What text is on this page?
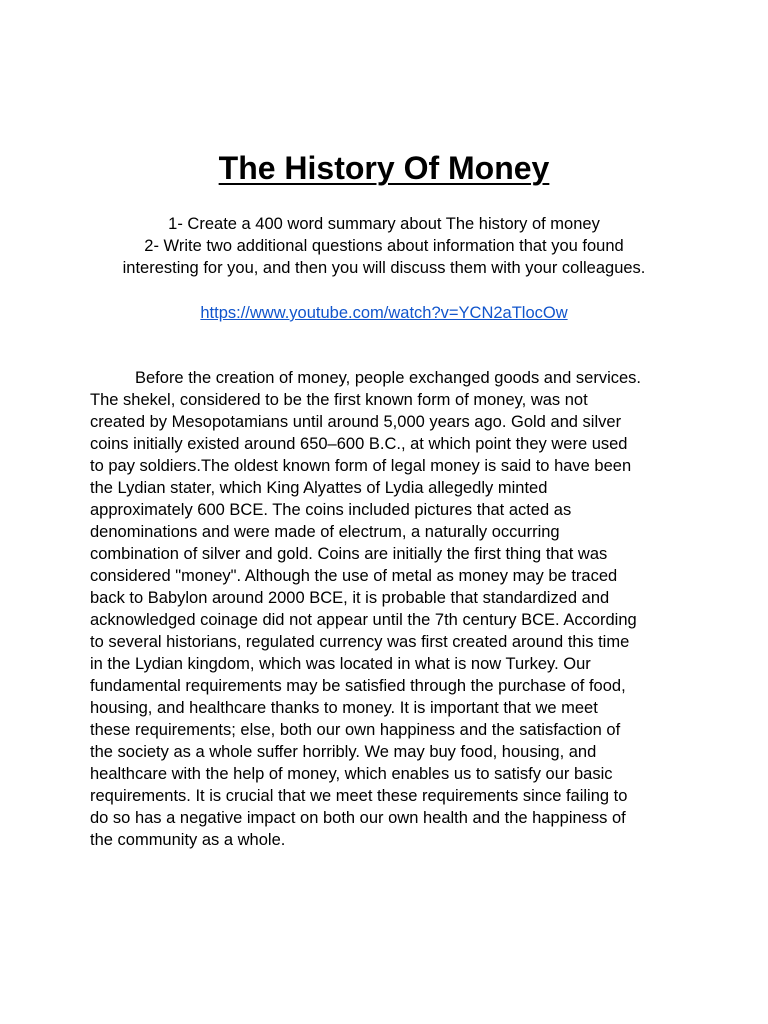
The History Of Money
1- Create a 400 word summary about The history of money
2- Write two additional questions about information that you found
interesting for you, and then you will discuss them with your colleagues.

https://www.youtube.com/watch?v=YCN2aTlocOw

Before the creation of money, people exchanged goods and services.
The shekel, considered to be the first known form of money, was not
created by Mesopotamians until around 5,000 years ago. Gold and silver
coins initially existed around 650–600 B.C., at which point they were used
to pay soldiers.The oldest known form of legal money is said to have been
the Lydian stater, which King Alyattes of Lydia allegedly minted
approximately 600 BCE. The coins included pictures that acted as
denominations and were made of electrum, a naturally occurring
combination of silver and gold. Coins are initially the first thing that was
considered "money". Although the use of metal as money may be traced
back to Babylon around 2000 BCE, it is probable that standardized and
acknowledged coinage did not appear until the 7th century BCE. According
to several historians, regulated currency was first created around this time
in the Lydian kingdom, which was located in what is now Turkey. Our
fundamental requirements may be satisfied through the purchase of food,
housing, and healthcare thanks to money. It is important that we meet
these requirements; else, both our own happiness and the satisfaction of
the society as a whole suffer horribly. We may buy food, housing, and
healthcare with the help of money, which enables us to satisfy our basic
requirements. It is crucial that we meet these requirements since failing to
do so has a negative impact on both our own health and the happiness of
the community as a whole.
